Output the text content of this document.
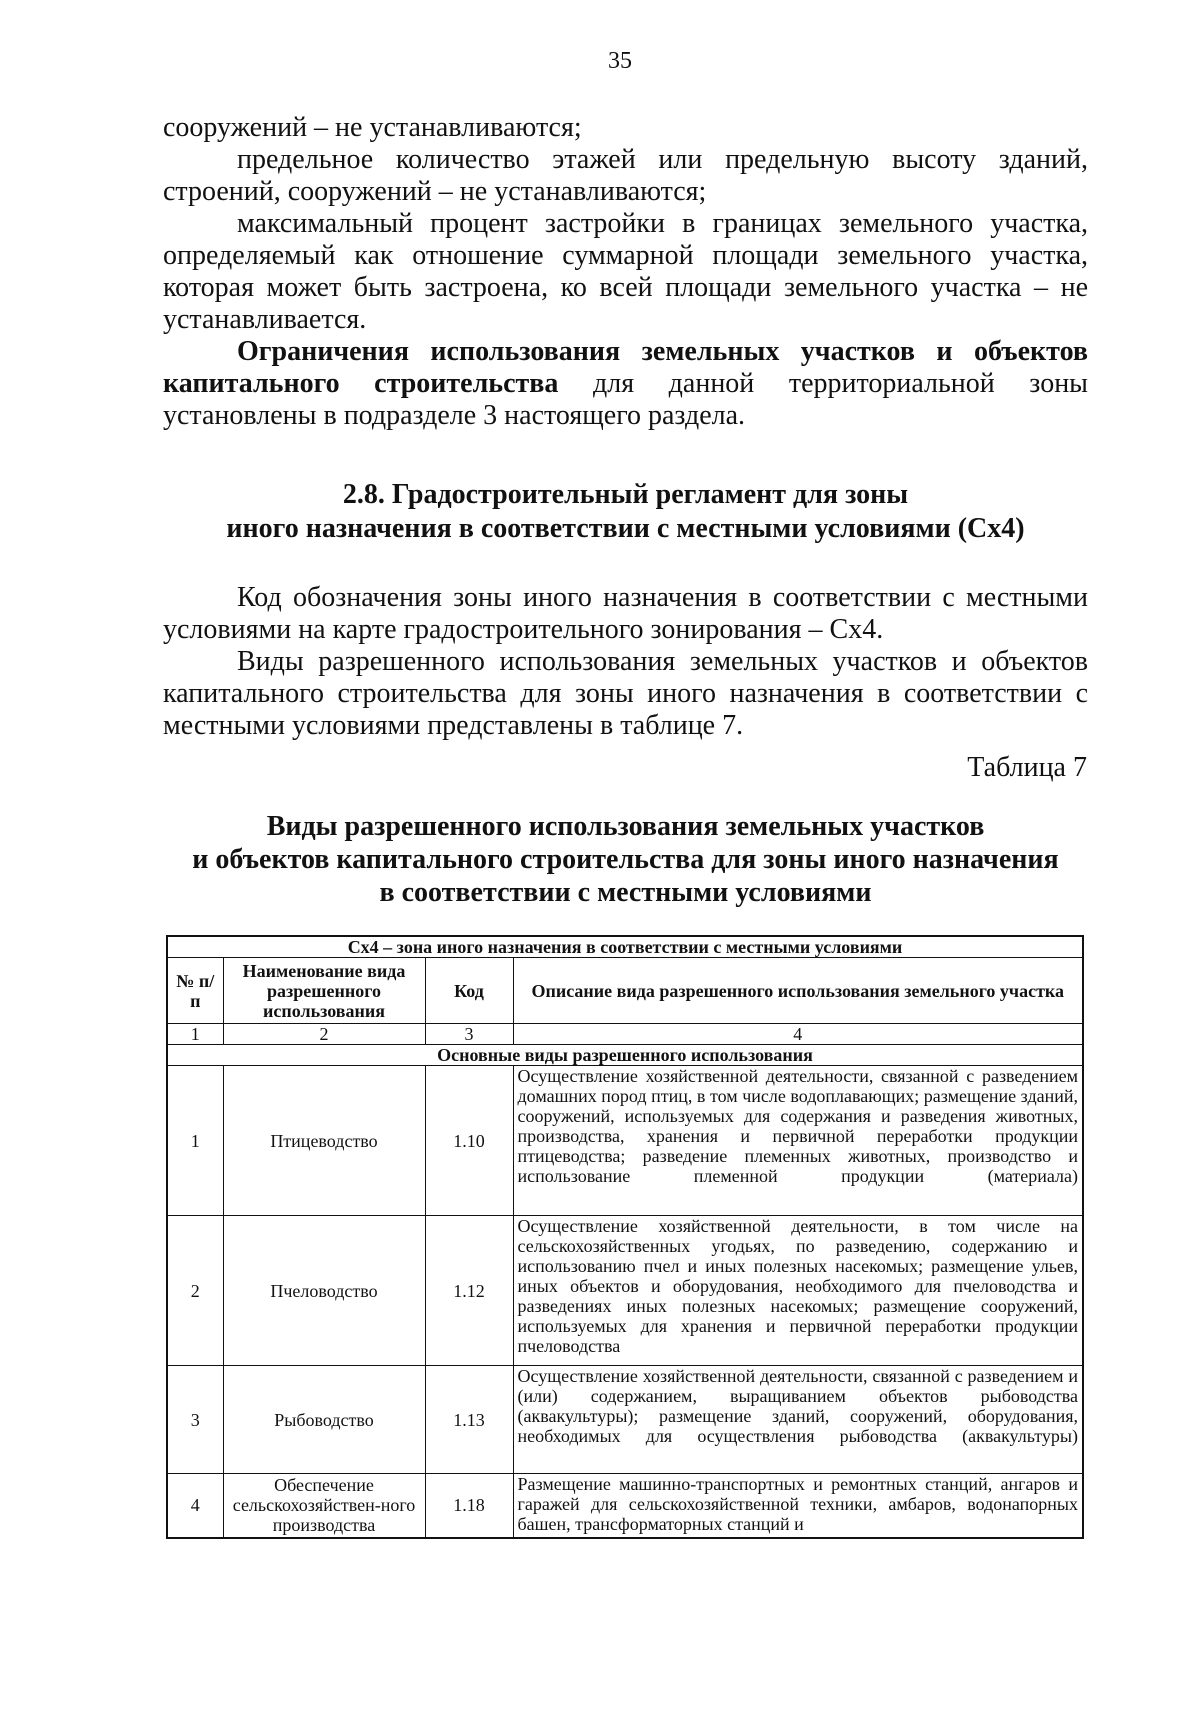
35

сооружений – не устанавливаются;

предельное количество этажей или предельную высоту зданий, строений, сооружений – не устанавливаются;

максимальный процент застройки в границах земельного участка, определяемый как отношение суммарной площади земельного участка, которая может быть застроена, ко всей площади земельного участка – не устанавливается.

Ограничения использования земельных участков и объектов капитального строительства для данной территориальной зоны установлены в подразделе 3 настоящего раздела.

2.8. Градостроительный регламент для зоны
иного назначения в соответствии с местными условиями (Сх4)

Код обозначения зоны иного назначения в соответствии с местными условиями на карте градостроительного зонирования – Сх4.

Виды разрешенного использования земельных участков и объектов капитального строительства для зоны иного назначения в соответствии с местными условиями представлены в таблице 7.

Таблица 7
Виды разрешенного использования земельных участков
и объектов капитального строительства для зоны иного назначения
в соответствии с местными условиями
Сх4 – зона иного назначения в соответствии с местными условиями			
№ п/п	Наименование вида разрешенного использования	Код	Описание вида разрешенного использования земельного участка
1	2	3	4
Основные виды разрешенного использования			
1	Птицеводство	1.10	Осуществление хозяйственной деятельности, связанной с разведением домашних пород птиц, в том числе водоплавающих; размещение зданий, сооружений, используемых для содержания и разведения животных, производства, хранения и первичной переработки продукции птицеводства; разведение племенных животных, производство и использование племенной продукции (материала)
2	Пчеловодство	1.12	Осуществление хозяйственной деятельности, в том числе на сельскохозяйственных угодьях, по разведению, содержанию и использованию пчел и иных полезных насекомых; размещение ульев, иных объектов и оборудования, необходимого для пчеловодства и разведениях иных полезных насекомых; размещение сооружений, используемых для хранения и первичной переработки продукции пчеловодства
3	Рыбоводство	1.13	Осуществление хозяйственной деятельности, связанной с разведением и (или) содержанием, выращиванием объектов рыбоводства (аквакультуры); размещение зданий, сооружений, оборудования, необходимых для осуществления рыбоводства (аквакультуры)
4	Обеспечение сельскохозяйствен-ного производства	1.18	Размещение машинно-транспортных и ремонтных станций, ангаров и гаражей для сельскохозяйственной техники, амбаров, водонапорных башен, трансформаторных станций и
